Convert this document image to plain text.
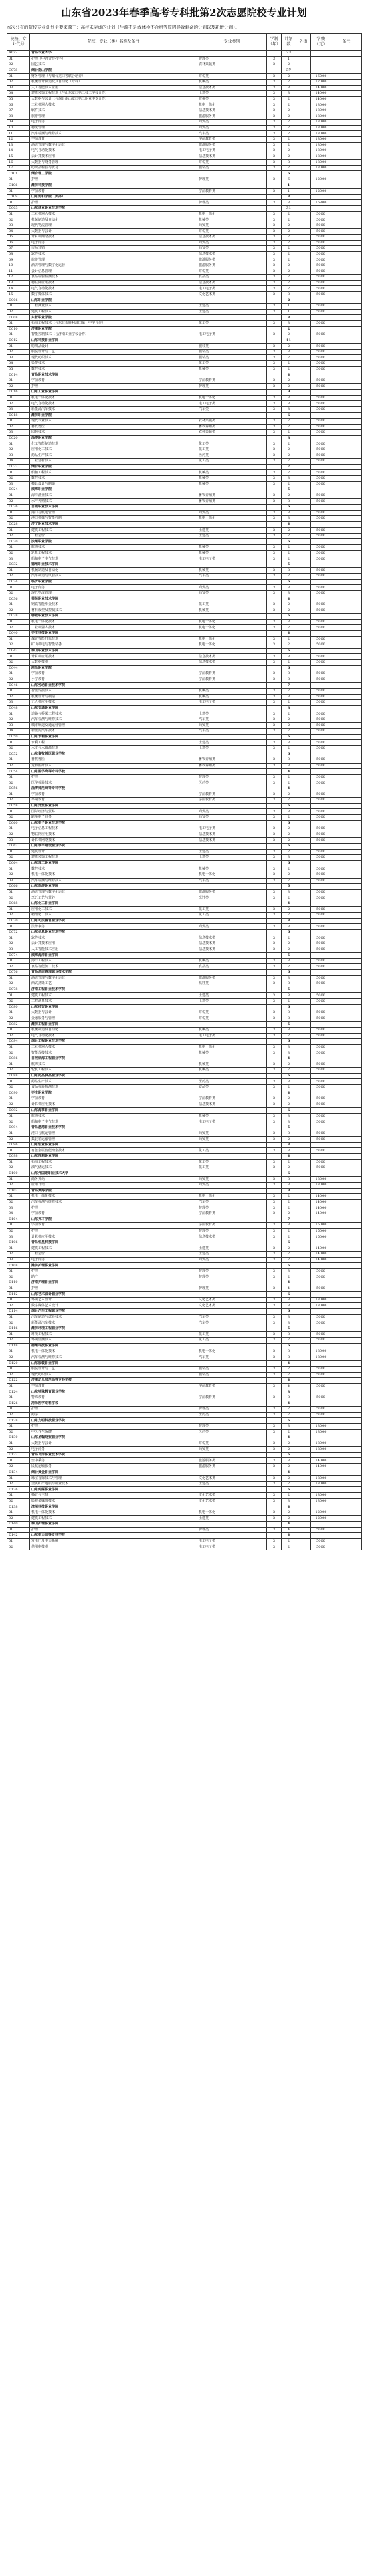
山东省2023年春季高考专科批第2次志愿院校专业计划
本次公布的院校专业计划主要来源于：高校未完成的计划（生源不足或体检不合格等原因导致剩余的计划以及新增计划）。
院校、专业代号	院校、专业（类）名称及备注	专业类别	学制（年）	计划数	外语	学费（元）	备注
A033	青岛农业大学			23			
01	护理（中外合作办学）	护理类	3	1			
02	园艺技术	农林果蔬类	3	2			
C078	烟台南山学院			37			
01	财务管理（与烟台龙口等联合培养）	财税类	3	2		16000	
02	机械设计制造及其自动化（专科）	机械类	3	2		12000	
03	人工智能技术应用	信息技术类	3	3		14000	
04	建筑装饰工程技术（与山东龙口第二技工学校合作）	土建类	3	3		14000	
05	大数据与会计（与烟台南山龙口第二职业中专合作）	财税类	3	2		14000	
06	工业机器人技术	机电一体化	3	2		13000	
07	软件技术	信息技术类	3	2		13000	
08	旅游管理	旅游服务类	3	2		13000	
09	电子商务	商贸类	3	2		13000	
10	物流管理	商贸类	3	2		13000	
11	汽车检测与维修技术	汽车类	3	2		13000	
12	学前教育	学前教育类	3	2		13000	
13	酒店管理与数字化运营	旅游服务类	3	2		13000	
14	电气自动化技术	电工电子类	3	2		13000	
15	云计算技术应用	信息技术类	3	2		13000	
16	大数据与财务管理	财税类	3	3		13000	
17	纺织品检验与贸易	服装类	3	2		13000	
C101	烟台理工学院			6			
01	护理	护理类	3	6		12000	
C106	潍坊科技学院			1			
01	学前教育	学前教育类	3	1		12000	
C109	山东协和学院（民办）			3			
01	护理	护理类	3	3		16800	
D003	山东商业职业技术学院			31			
01	工业机器人技术	机电一体化	3	2		5000	
02	机械制造及自动化	机械类	3	2		5000	
03	现代物流管理	商贸类	3	2		5000	
04	大数据与会计	财税类	3	2		5000	
05	计算机网络技术	信息技术类	3	2		5000	
06	电子商务	商贸类	3	2		5000	
07	市场营销	商贸类	3	2		5000	
08	软件技术	信息技术类	3	2		5000	
09	旅游管理	旅游服务类	3	2		5000	
10	酒店管理与数字化运营	旅游服务类	3	2		5000	
11	会计信息管理	财税类	3	2		5000	
12	食品检验检测技术	食品类	3	2		5000	
13	物联网应用技术	信息技术类	3	2		5000	
14	电气自动化技术	电工电子类	3	2		5000	
15	数字媒体技术	文化艺术类	3	3		5000	
D006	山东职业学院			2			
01	工程测量技术	土建类	3	1		5000	
02	建筑工程技术	土建类	3	1		5000	
D008	东营职业学院			3			
01	石油工程技术（与东营市胜利油田第一中学合作）	化工类	3	3		5000	
D010	济南职业学院			2			
01	智能控制技术（与济南工业学校合作）	电工电子类	3	2		5000	
D012	山东科技职业学院			11			
01	纺织品设计	服装类	3	2		5000	
02	服装设计与工艺	服装类	3	3		5000	
03	现代纺织技术	服装类	3	2		5000	
04	染整技术	化工类	3	2		5000	
05	数控技术	机械类	3	2		5000	
D014	青岛职业技术学院			4			
01	学前教育	学前教育类	3	2		5000	
02	护理	护理类	3	2		5000	
D016	山东工业职业学院			9			
01	机电一体化技术	机电一体化	3	3		5000	
02	电气自动化技术	电工电子类	3	3		5000	
03	新能源汽车技术	汽车类	3	3		5000	
D018	潍坊职业学院			6			
01	现代农业技术	农林果蔬类	3	2		5000	
02	畜牧兽医	畜牧养殖类	3	2		5000	
03	园林技术	农林果蔬类	3	2		5000	
D020	淄博职业学院			8			
01	化工智能制造技术	化工类	3	2		5000	
02	应用化工技术	化工类	3	2		5000	
03	药品生产技术	医药类	3	2		5000	
04	工业分析技术	化工类	3	2		5000	
D022	烟台职业学院			7			
01	船舶工程技术	机械类	3	2		5000	
02	数控技术	机械类	3	3		5000	
03	模具设计与制造	机械类	3	2		5000	
D024	威海职业学院			5			
01	海洋渔业技术	畜牧养殖类	3	2		5000	
02	水产养殖技术	畜牧养殖类	3	3		5000	
D026	日照职业技术学院			6			
01	港口与航运管理	商贸类	3	3		5000	
02	港口机械与智能控制	机电一体化	3	3		5000	
D028	济宁职业技术学院			4			
01	建筑工程技术	土建类	3	2		5000	
02	工程造价	土建类	3	2		5000	
D030	滨州职业学院			6			
01	航海技术	机械类	3	2		5000	
02	轮机工程技术	机械类	3	2		5000	
03	船舶电子电气技术	电工电子类	3	2		5000	
D032	德州职业技术学院			5			
01	机械制造及自动化	机械类	3	3		5000	
02	汽车制造与试验技术	汽车类	3	2		5000	
D034	临沂职业学院			6			
01	电子商务	商贸类	3	3		5000	
02	现代物流管理	商贸类	3	3		5000	
D036	莱芜职业技术学院			4			
01	钢铁智能冶金技术	化工类	3	2		5000	
02	材料成型及控制技术	机械类	3	2		5000	
D038	聊城职业技术学院			5			
01	机电一体化技术	机电一体化	3	3		5000	
02	工业机器人技术	机电一体化	3	2		5000	
D040	枣庄科技职业学院			4			
01	煤矿智能开采技术	机电一体化	3	2		5000	
02	矿山机电与智能装备	机电一体化	3	2		5000	
D042	泰山职业技术学院			5			
01	计算机应用技术	信息技术类	3	3		5000	
02	大数据技术	信息技术类	3	2		5000	
D044	菏泽职业学院			6			
01	学前教育	学前教育类	3	3		5000	
02	小学教育	学前教育类	3	3		5000	
D046	山东劳动职业技术学院			7			
01	智能焊接技术	机械类	3	2		5000	
02	机械设计与制造	机械类	3	3		5000	
03	无人机应用技术	电工电子类	3	2		5000	
D048	山东交通职业学院			8			
01	道路与桥梁工程技术	土建类	3	2		5000	
02	汽车检测与维修技术	汽车类	3	2		5000	
03	城市轨道交通运营管理	商贸类	3	2		5000	
04	新能源汽车技术	汽车类	3	2		5000	
D050	山东水利职业学院			5			
01	水利工程	土建类	3	3		5000	
02	水文与水资源技术	土建类	3	2		5000	
D052	山东畜牧兽医职业学院			6			
01	畜牧兽医	畜牧养殖类	3	3		5000	
02	宠物医疗技术	畜牧养殖类	3	3		5000	
D054	山东医学高等专科学校			4			
01	护理	护理类	3	2		5000	
02	医学检验技术	医药类	3	2		5000	
D056	淄博师范高等专科学校			4			
01	学前教育	学前教育类	3	2		5000	
02	早期教育	学前教育类	3	2		5000	
D058	山东外贸职业学院			5			
01	国际经济与贸易	商贸类	3	3		5000	
02	跨境电子商务	商贸类	3	2		5000	
D060	山东电子职业技术学院			6			
01	电子信息工程技术	电工电子类	3	2		5000	
02	物联网应用技术	信息技术类	3	2		5000	
03	计算机网络技术	信息技术类	3	2		5000	
D062	山东城市建设职业学院			5			
01	建筑设计	土建类	3	2		5000	
02	建筑装饰工程技术	土建类	3	3		5000	
D064	山东理工职业学院			6			
01	数控技术	机械类	3	2		5000	
02	机电一体化技术	机电一体化	3	2		5000	
03	汽车检测与维修技术	汽车类	3	2		5000	
D066	山东旅游职业学院			5			
01	酒店管理与数字化运营	旅游服务类	3	3		5000	
02	烹饪工艺与营养	烹饪类	3	2		5000	
D068	山东化工职业学院			4			
01	应用化工技术	化工类	3	2		5000	
02	精细化工技术	化工类	3	2		5000	
D070	山东司法警官职业学院			3			
01	法律事务	商贸类	3	3		5000	
D072	山东信息职业技术学院			6			
01	软件技术	信息技术类	3	2		5000	
02	云计算技术应用	信息技术类	3	2		5000	
03	人工智能技术应用	信息技术类	3	2		5000	
D074	威海海洋职业学院			5			
01	海洋工程技术	机械类	3	3		5000	
02	食品智能加工技术	食品类	3	2		5000	
D076	青岛酒店管理职业技术学院			6			
01	酒店管理与数字化运营	旅游服务类	3	3		5000	
02	西式烹饪工艺	烹饪类	3	3		5000	
D078	济南工程职业技术学院			5			
01	建筑工程技术	土建类	3	3		5000	
02	工程测量技术	土建类	3	2		5000	
D080	山东经贸职业学院			6			
01	大数据与会计	财税类	3	3		5000	
02	金融服务与管理	财税类	3	3		5000	
D082	潍坊工程职业学院			5			
01	机械制造及自动化	机械类	3	3		5000	
02	电气自动化技术	电工电子类	3	2		5000	
D084	烟台工程职业技术学院			6			
01	工业机器人技术	机电一体化	3	3		5000	
02	智能焊接技术	机械类	3	3		5000	
D086	日照航海工程职业学院			4			
01	航海技术	机械类	3	2		5000	
02	轮机工程技术	机械类	3	2		5000	
D088	山东药品食品职业学院			5			
01	药品生产技术	医药类	3	3		5000	
02	食品检验检测技术	食品类	3	2		5000	
D090	枣庄职业学院			4			
01	学前教育	学前教育类	3	2		5000	
02	计算机应用技术	信息技术类	3	2		5000	
D092	山东海事职业学院			6			
01	航海技术	机械类	3	3		5000	
02	船舶电子电气技术	电工电子类	3	3		5000	
D094	青岛港湾职业技术学院			5			
01	港口与航运管理	商贸类	3	3		5000	
02	集装箱运输管理	商贸类	3	2		5000	
D096	山东铝业职业学院			3			
01	有色金属智能冶金技术	化工类	3	3		5000	
D098	山东胜利职业学院			4			
01	石油工程技术	化工类	3	2		5000	
02	油气储运技术	化工类	3	2		5000	
D100	山东外国语职业技术大学			6			
01	商务英语	商贸类	3	3		13000	
02	应用日语	商贸类	3	3		13000	
D102	青岛黄海学院			8			
01	机电一体化技术	机电一体化	3	2		14000	
02	汽车检测与维修技术	汽车类	3	2		14000	
03	护理	护理类	3	2		14000	
04	学前教育	学前教育类	3	2		14000	
D104	山东英才学院			7			
01	学前教育	学前教育类	3	3		15000	
02	护理	护理类	3	2		15000	
03	计算机应用技术	信息技术类	3	2		15000	
D106	青岛恒星科技学院			6			
01	建筑工程技术	土建类	3	2		14000	
02	工程造价	土建类	3	2		14000	
03	电子商务	商贸类	3	2		14000	
D108	潍坊护理职业学院			5			
01	护理	护理类	3	3		5000	
02	助产	护理类	3	2		5000	
D110	济南护理职业学院			4			
01	护理	护理类	3	4		5000	
D112	山东艺术设计职业学院			6			
01	环境艺术设计	文化艺术类	3	3		13000	
02	数字媒体艺术设计	文化艺术类	3	3		13000	
D114	烟台汽车工程职业学院			6			
01	汽车制造与试验技术	汽车类	3	3		5000	
02	新能源汽车技术	汽车类	3	3		5000	
D116	潍坊环境工程职业学院			5			
01	环境工程技术	化工类	3	3		5000	
02	环境监测技术	化工类	3	2		5000	
D118	德州科技职业学院			6			
01	机电一体化技术	机电一体化	3	3		13000	
02	汽车检测与维修技术	汽车类	3	3		13000	
D120	山东服装职业学院			4			
01	服装设计与工艺	服装类	3	2		5000	
02	现代纺织技术	服装类	3	2		5000	
D122	济南幼儿师范高等专科学校			4			
01	学前教育	学前教育类	3	4		5000	
D124	山东特殊教育职业学院			3			
01	特殊教育	学前教育类	3	3		5000	
D126	菏泽医学专科学校			4			
01	护理	护理类	3	2		5000	
02	药学	医药类	3	2		5000	
D128	山东力明科技职业学院			5			
01	护理	护理类	3	3		13000	
02	中医养生保健	医药类	3	2		13000	
D130	山东圣翰财贸职业学院			4			
01	大数据与会计	财税类	3	2		13000	
02	电子商务	商贸类	3	2		13000	
D132	青岛飞洋职业技术学院			5			
01	空中乘务	旅游服务类	3	3		14000	
02	民航运输服务	旅游服务类	3	2		14000	
D134	烟台黄金职业学院			4			
01	珠宝首饰技术与管理	文化艺术类	3	2		13000	
02	金属矿产地质与勘查技术	土建类	3	2		13000	
D136	山东传媒职业学院			5			
01	播音与主持	文化艺术类	3	2		13000	
02	影视多媒体技术	文化艺术类	3	3		13000	
D138	滨州科技职业学院			4			
01	机电一体化技术	机电一体化	3	2		12000	
02	建筑工程技术	土建类	3	2		12000	
D140	泰山护理职业学院			4			
01	护理	护理类	3	4		5000	
D142	山东电力高等专科学校			4			
01	发电厂及电力系统	电工电子类	3	2		5000	
02	供用电技术	电工电子类	3	2		5000	
